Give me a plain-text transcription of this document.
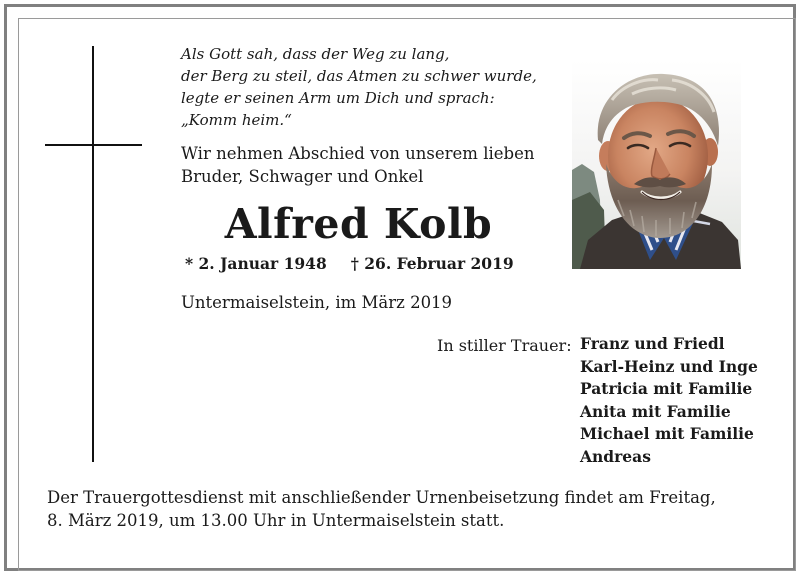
Als Gott sah, dass der Weg zu lang,
der Berg zu steil, das Atmen zu schwer wurde,
legte er seinen Arm um Dich und sprach:
„Komm heim.“
Wir nehmen Abschied von unserem lieben
Bruder, Schwager und Onkel
Alfred Kolb
* 2. Januar 1948 † 26. Februar 2019
Untermaiselstein, im März 2019
In stiller Trauer: Franz und Friedl
Karl-Heinz und Inge
Patricia mit Familie
Anita mit Familie
Michael mit Familie
Andreas
Der Trauergottesdienst mit anschließender Urnenbeisetzung findet am Freitag,
8. März 2019, um 13.00 Uhr in Untermaiselstein statt.
